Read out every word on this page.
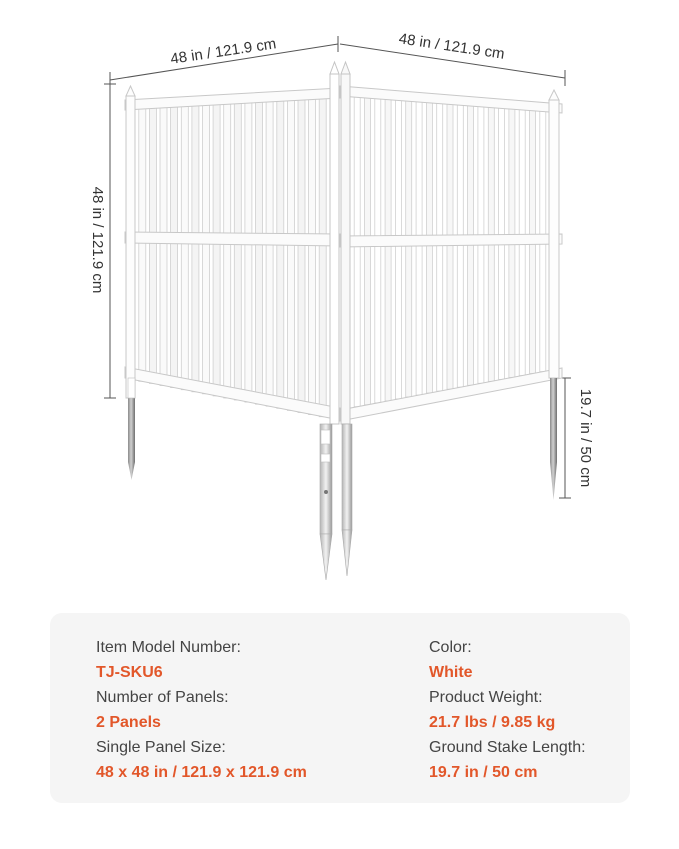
48 in / 121.9 cm	48 in / 121.9 cm
48 in / 121.9 cm
19.7 in / 50 cm
Item Model Number:
TJ-SKU6
Number of Panels:
2 Panels
Single Panel Size:
48 x 48 in / 121.9 x 121.9 cm
Color:
White
Product Weight:
21.7 lbs / 9.85 kg
Ground Stake Length:
19.7 in / 50 cm
